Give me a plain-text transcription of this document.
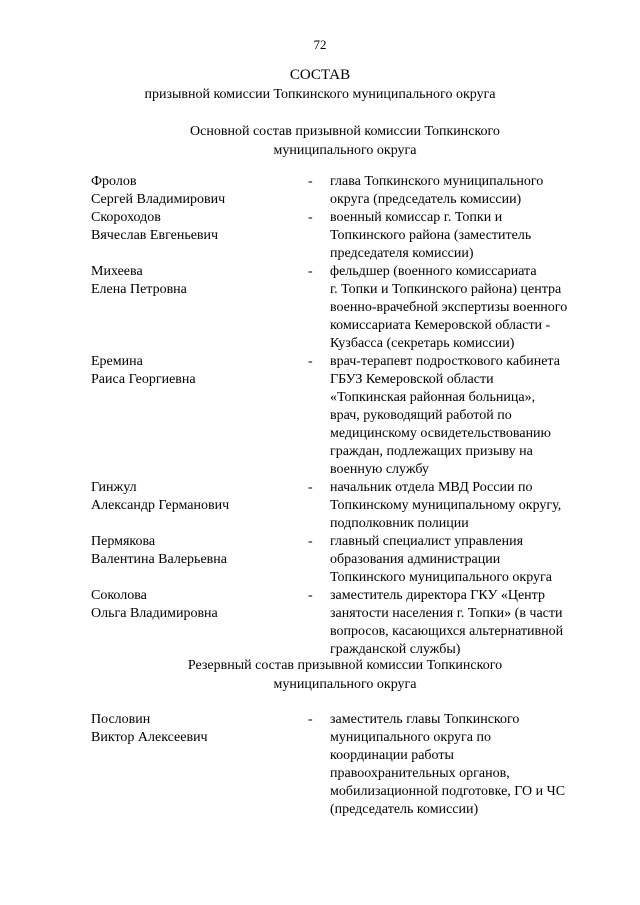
72
СОСТАВ
призывной комиссии Топкинского муниципального округа
Основной состав призывной комиссии Топкинского
муниципального округа
Фролов
Сергей Владимирович
-	глава Топкинского муниципального
округа (председатель комиссии)
Скороходов
Вячеслав Евгеньевич
-	военный комиссар г. Топки и
Топкинского района (заместитель
председателя комиссии)
Михеева
Елена Петровна
-	фельдшер (военного комиссариата
г. Топки и Топкинского района) центра
военно-врачебной экспертизы военного
комиссариата Кемеровской области -
Кузбасса (секретарь комиссии)
Еремина
Раиса Георгиевна
-	врач-терапевт подросткового кабинета
ГБУЗ Кемеровской области
«Топкинская районная больница»,
врач, руководящий работой по
медицинскому освидетельствованию
граждан, подлежащих призыву на
военную службу
Гинжул
Александр Германович
-	начальник отдела МВД России по
Топкинскому муниципальному округу,
подполковник полиции
Пермякова
Валентина Валерьевна
-	главный специалист управления
образования администрации
Топкинского муниципального округа
Соколова
Ольга Владимировна
-	заместитель директора ГКУ «Центр
занятости населения г. Топки» (в части
вопросов, касающихся альтернативной
гражданской службы)
Резервный состав призывной комиссии Топкинского
муниципального округа
Пословин
Виктор Алексеевич
-	заместитель главы Топкинского
муниципального округа по
координации работы
правоохранительных органов,
мобилизационной подготовке, ГО и ЧС
(председатель комиссии)
